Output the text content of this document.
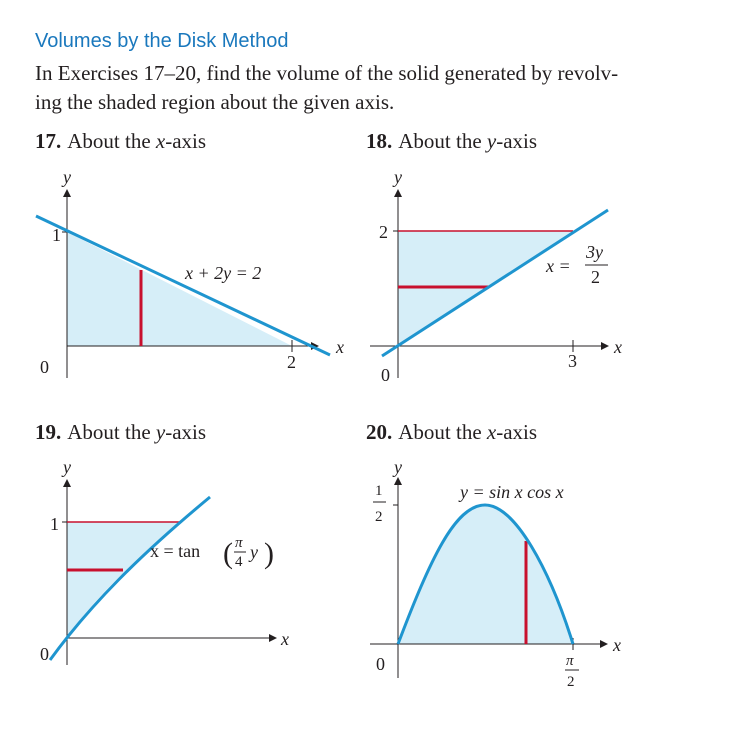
Volumes by the Disk Method
In Exercises 17–20, find the volume of the solid generated by revolv-
ing the shaded region about the given axis.
17. About the x-axis	18. About the y-axis
19. About the y-axis	20. About the x-axis
y
x
0
1
2
x + 2y = 2
y
x
0
2
3
x =
3y
2
y
x
0
1
x = tan ( π
4 y )
y
x
0
1
2
π
2
y = sin x cos x
